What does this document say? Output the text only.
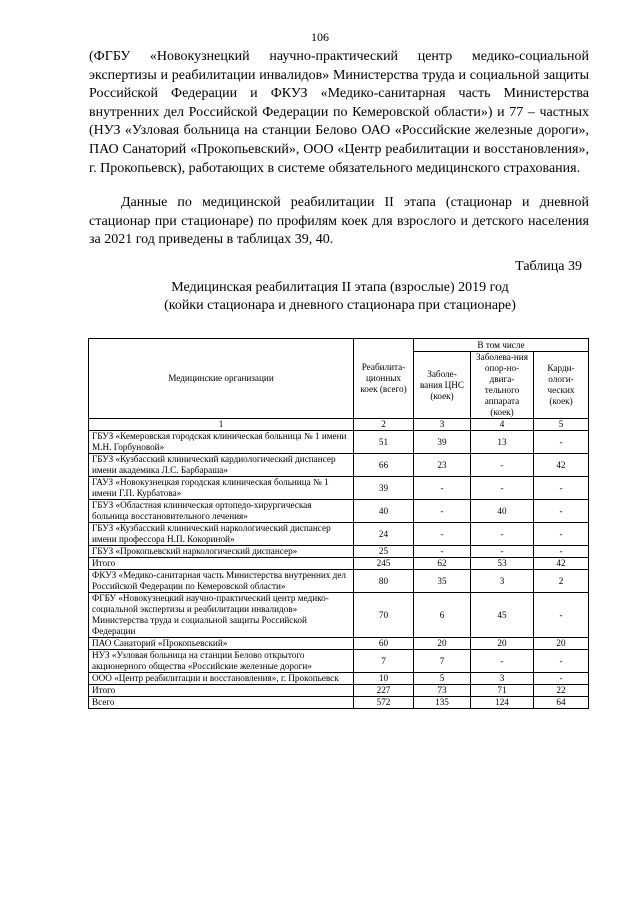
106
(ФГБУ «Новокузнецкий научно-практический центр медико-социальной экспертизы и реабилитации инвалидов» Министерства труда и социальной защиты Российской Федерации и ФКУЗ «Медико-санитарная часть Министерства внутренних дел Российской Федерации по Кемеровской области») и 77 – частных (НУЗ «Узловая больница на станции Белово ОАО «Российские железные дороги», ПАО Санаторий «Прокопьевский», ООО «Центр реабилитации и восстановления», г. Прокопьевск), работающих в системе обязательного медицинского страхования.
Данные по медицинской реабилитации II этапа (стационар и дневной стационар при стационаре) по профилям коек для взрослого и детского населения за 2021 год приведены в таблицах 39, 40.
Таблица 39
Медицинская реабилитация II этапа (взрослые) 2019 год
(койки стационара и дневного стационара при стационаре)
Медицинские организации	Реабилита-ционных коек (всего)	В том числе		
		Заболе-вания ЦНС (коек)	Заболева-ния опор-но-двига-тельного аппарата (коек)	Карди-ологи-ческих (коек)
1	2	3	4	5
ГБУЗ «Кемеровская городская клиническая больница № 1 имени М.Н. Горбуновой»	51	39	13	-
ГБУЗ «Кузбасский клинический кардиологический диспансер имени академика Л.С. Барбараша»	66	23	-	42
ГАУЗ «Новокузнецкая городская клиническая больница № 1 имени Г.П. Курбатова»	39	-	-	-
ГБУЗ «Областная клиническая ортопедо-хирургическая больница восстановительного лечения»	40	-	40	-
ГБУЗ «Кузбасский клинический наркологический диспансер имени профессора Н.П. Кокориной»	24	-	-	-
ГБУЗ «Прокопьевский наркологический диспансер»	25	-	-	-
Итого	245	62	53	42
ФКУЗ «Медико-санитарная часть Министерства внутренних дел Российской Федерации по Кемеровской области»	80	35	3	2
ФГБУ «Новокузнецкий научно-практический центр медико-социальной экспертизы и реабилитации инвалидов» Министерства труда и социальной защиты Российской Федерации	70	6	45	-
ПАО Санаторий «Прокопьевский»	60	20	20	20
НУЗ «Узловая больница на станции Белово открытого акционерного общества «Российские железные дороги»	7	7	-	-
ООО «Центр реабилитации и восстановления», г. Прокопьевск	10	5	3	-
Итого	227	73	71	22
Всего	572	135	124	64
